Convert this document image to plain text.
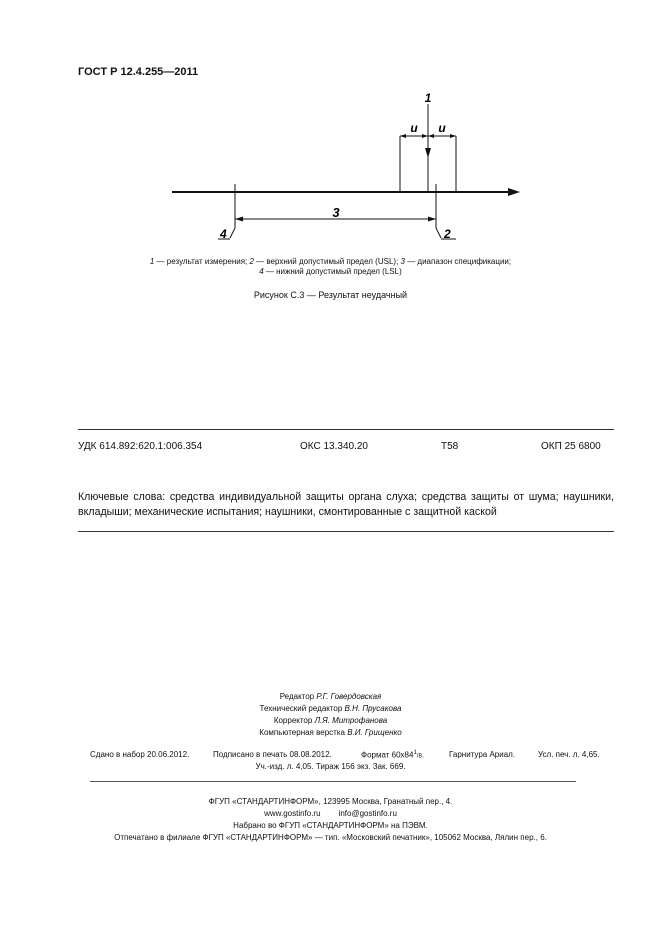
ГОСТ Р 12.4.255—2011
3
4	2
u u
1
1 — результат измерения; 2 — верхний допустимый предел (USL); 3 — диапазон спецификации;
4 — нижний допустимый предел (LSL)
Рисунок С.3 — Результат неудачный
УДК 614.892:620.1:006.354	ОКС 13.340.20	Т58	ОКП 25 6800
Ключевые слова: средства индивидуальной защиты органа слуха; средства защиты от шума; наушники, вкладыши; механические испытания; наушники, смонтированные с защитной каской
Редактор Р.Г. Говердовская
Технический редактор В.Н. Прусакова
Корректор Л.Я. Митрофанова
Компьютерная верстка В.И. Грищенко
Сдано в набор 20.06.2012.	Подписано в печать 08.08.2012.	Формат $60x84^1/8$.	Гарнитура Ариал.	Усл. печ. л. 4,65.
Уч.-изд. л. 4,05. Тираж 156 экз. Зак. 669.
ФГУП «СТАНДАРТИНФОРМ», 123995 Москва, Гранатный пер., 4.
www.gostinfo.ru info@gostinfo.ru
Набрано во ФГУП «СТАНДАРТИНФОРМ» на ПЭВМ.
Отпечатано в филиале ФГУП «СТАНДАРТИНФОРМ» — тип. «Московский печатник», 105062 Москва, Лялин пер., 6.
